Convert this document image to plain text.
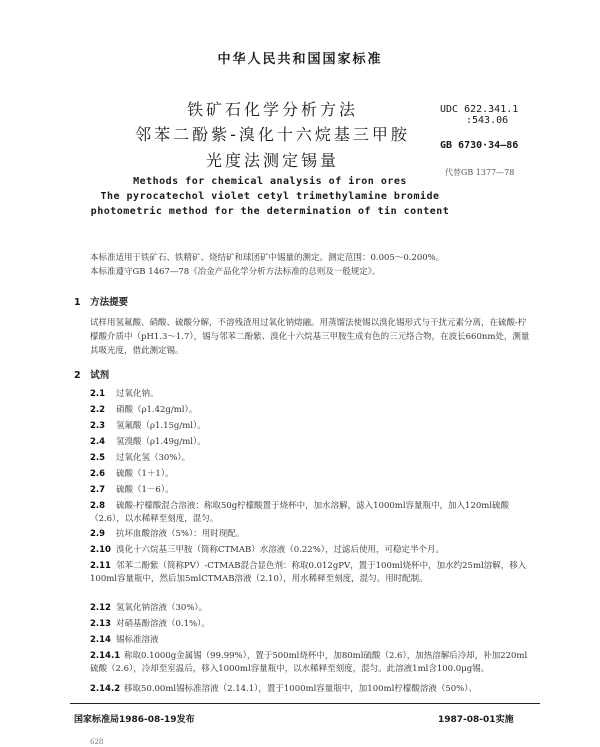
中华人民共和国国家标准
铁矿石化学分析方法
邻苯二酚紫-溴化十六烷基三甲胺
光度法测定锡量
UDC 622.341.1
:543.06
GB 6730·34—86
代替GB 1377—78
Methods for chemical analysis of iron ores
The pyrocatechol violet cetyl trimethylamine bromide
photometric method for the determination of tin content
本标准适用于铁矿石、铁精矿、烧结矿和球团矿中锡量的测定。测定范围：0.005～0.200%。
本标准遵守GB 1467—78《冶金产品化学分析方法标准的总则及一般规定》。
1　方法提要
试样用氢氟酸、硝酸、硫酸分解，不溶残渣用过氧化钠熔融。用蒸馏法使锡以溴化锡形式与干扰元素分离，在硫酸-柠檬酸介质中（pH1.3～1.7），锡与邻苯二酚紫、溴化十六烷基三甲胺生成有色的三元络合物，在波长660nm处，测量其吸光度，借此测定锡。
2　试剂
2.1 过氧化钠。
2.2 硝酸（ρ1.42g/ml）。
2.3 氢氟酸（ρ1.15g/ml）。
2.4 氢溴酸（ρ1.49g/ml）。
2.5 过氧化氢（30%）。
2.6 硫酸（1＋1）。
2.7 硫酸（1－6）。
2.8 硫酸-柠檬酸混合溶液：称取50g柠檬酸置于烧杯中，加水溶解，滤入1000ml容量瓶中，加入120ml硫酸（2.6），以水稀释至刻度，混匀。
2.9 抗坏血酸溶液（5%）：用时现配。
2.10 溴化十六烷基三甲胺（简称CTMAB）水溶液（0.22%），过滤后使用，可稳定半个月。
2.11 邻苯二酚紫（简称PV）-CTMAB混合显色剂：称取0.012gPV，置于100ml烧杯中，加水约25ml溶解，移入100ml容量瓶中，然后加5mlCTMAB溶液（2.10），用水稀释至刻度，混匀。用时配制。
2.12 氢氧化钠溶液（30%）。
2.13 对硝基酚溶液（0.1%）。
2.14 锡标准溶液
2.14.1 称取0.1000g金属锡（99.99%），置于500ml烧杯中，加80ml硫酸（2.6），加热溶解后冷却，补加220ml硫酸（2.6），冷却至室温后，移入1000ml容量瓶中，以水稀释至刻度，混匀。此溶液1ml含100.0μg锡。
2.14.2 移取50.00ml锡标准溶液（2.14.1），置于1000ml容量瓶中，加100ml柠檬酸溶液（50%）、
国家标准局1986-08-19发布	1987-08-01实施
628
